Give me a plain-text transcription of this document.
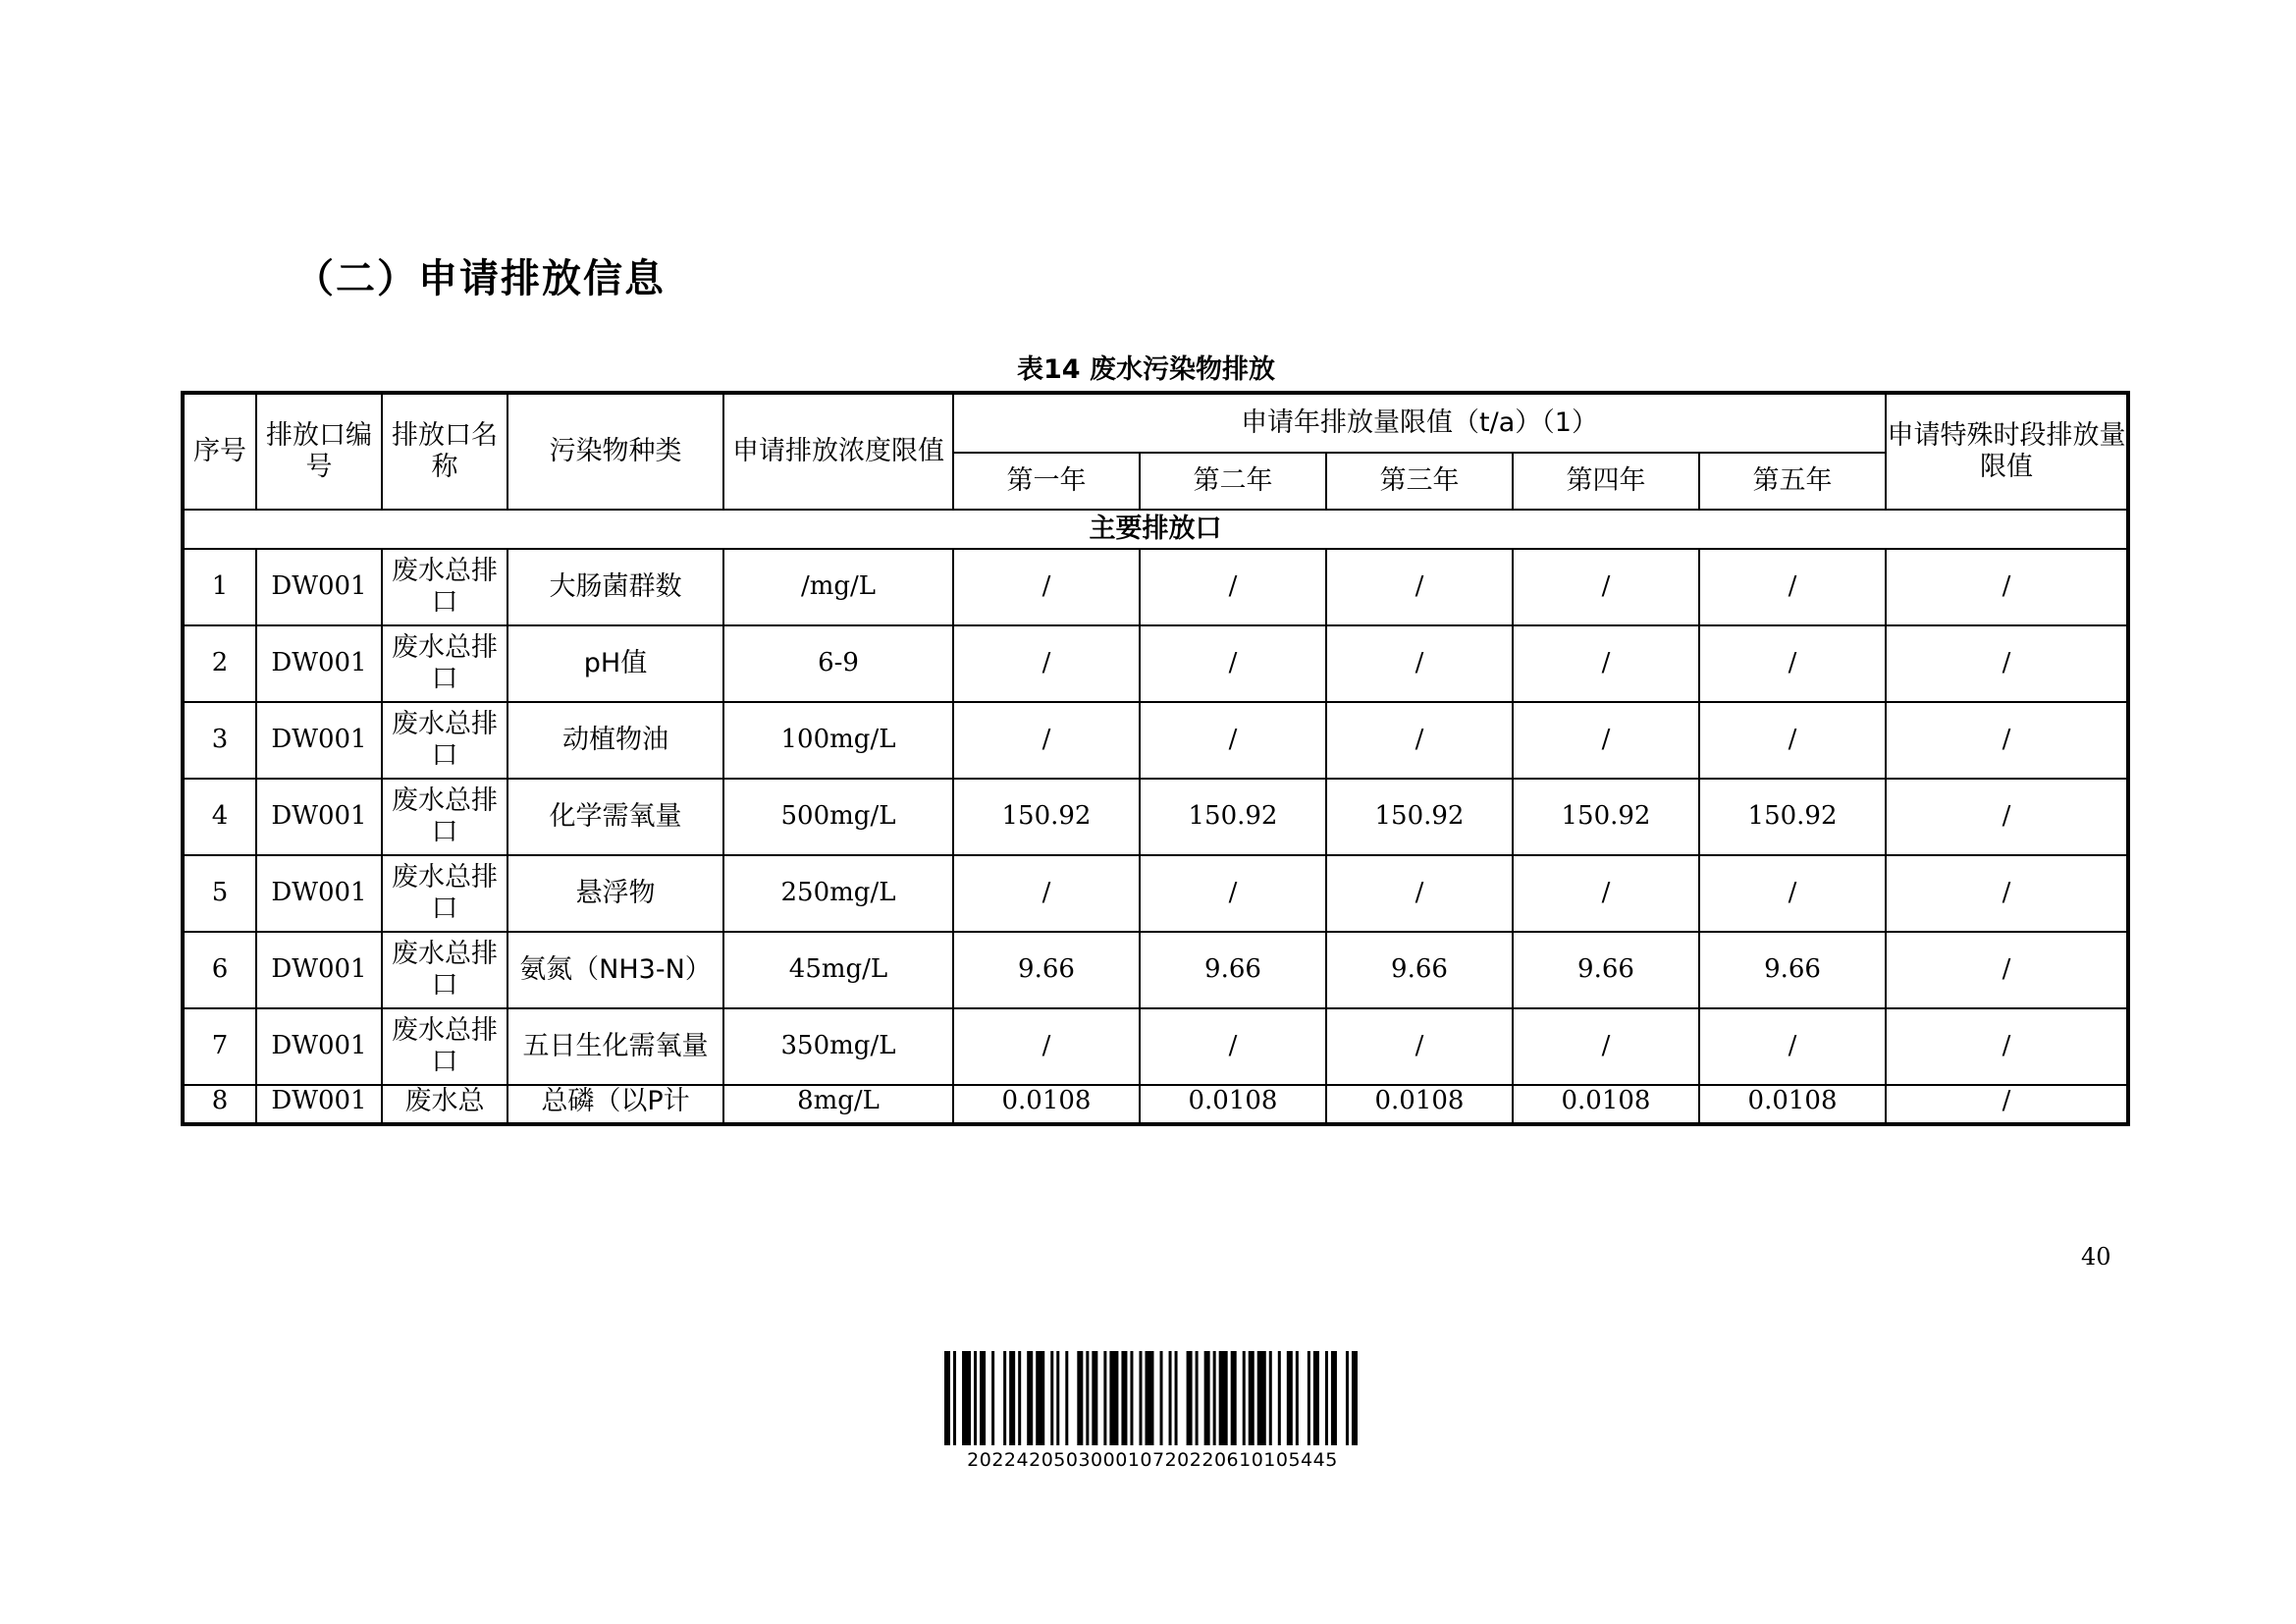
（二）申请排放信息
表14 废水污染物排放
序号	排放口编号	排放口名称	污染物种类	申请排放浓度限值	申请年排放量限值（t/a）（1）					申请特殊时段排放量限值
					第一年	第二年	第三年	第四年	第五年	
主要排放口										
1	DW001	废水总排口	大肠菌群数	/mg/L	/	/	/	/	/	/
2	DW001	废水总排口	pH值	6-9	/	/	/	/	/	/
3	DW001	废水总排口	动植物油	100mg/L	/	/	/	/	/	/
4	DW001	废水总排口	化学需氧量	500mg/L	150.92	150.92	150.92	150.92	150.92	/
5	DW001	废水总排口	悬浮物	250mg/L	/	/	/	/	/	/
6	DW001	废水总排口	氨氮（NH3-N）	45mg/L	9.66	9.66	9.66	9.66	9.66	/
7	DW001	废水总排口	五日生化需氧量	350mg/L	/	/	/	/	/	/
8	DW001	废水总	总磷（以P计	8mg/L	0.0108	0.0108	0.0108	0.0108	0.0108	/
40
20224205030001072022061010544​5
